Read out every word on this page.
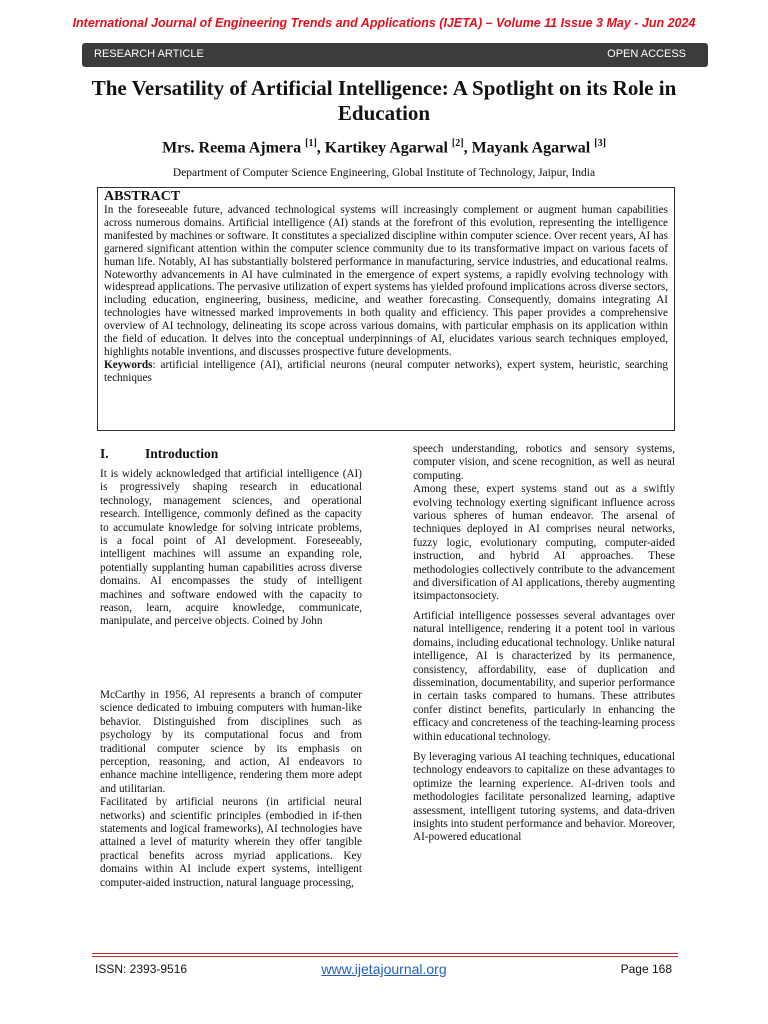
International Journal of Engineering Trends and Applications (IJETA) – Volume 11 Issue 3 May - Jun 2024
RESEARCH ARTICLE	OPEN ACCESS
The Versatility of Artificial Intelligence: A Spotlight on its Role in Education
Mrs. Reema Ajmera [1], Kartikey Agarwal [2], Mayank Agarwal [3]
Department of Computer Science Engineering, Global Institute of Technology, Jaipur, India
ABSTRACT

In the foreseeable future, advanced technological systems will increasingly complement or augment human capabilities across numerous domains. Artificial intelligence (AI) stands at the forefront of this evolution, representing the intelligence manifested by machines or software. It constitutes a specialized discipline within computer science. Over recent years, AI has garnered significant attention within the computer science community due to its transformative impact on various facets of human life. Notably, AI has substantially bolstered performance in manufacturing, service industries, and educational realms. Noteworthy advancements in AI have culminated in the emergence of expert systems, a rapidly evolving technology with widespread applications. The pervasive utilization of expert systems has yielded profound implications across diverse sectors, including education, engineering, business, medicine, and weather forecasting. Consequently, domains integrating AI technologies have witnessed marked improvements in both quality and efficiency. This paper provides a comprehensive overview of AI technology, delineating its scope across various domains, with particular emphasis on its application within the field of education. It delves into the conceptual underpinnings of AI, elucidates various search techniques employed, highlights notable inventions, and discusses prospective future developments.

Keywords: artificial intelligence (AI), artificial neurons (neural computer networks), expert system, heuristic, searching techniques

I.	Introduction

It is widely acknowledged that artificial intelligence (AI) is progressively shaping research in educational technology, management sciences, and operational research. Intelligence, commonly defined as the capacity to accumulate knowledge for solving intricate problems, is a focal point of AI development. Foreseeably, intelligent machines will assume an expanding role, potentially supplanting human capabilities across diverse domains. AI encompasses the study of intelligent machines and software endowed with the capacity to reason, learn, acquire knowledge, communicate, manipulate, and perceive objects. Coined by John

McCarthy in 1956, AI represents a branch of computer science dedicated to imbuing computers with human-like behavior. Distinguished from disciplines such as psychology by its computational focus and from traditional computer science by its emphasis on perception, reasoning, and action, AI endeavors to enhance machine intelligence, rendering them more adept and utilitarian.

Facilitated by artificial neurons (in artificial neural networks) and scientific principles (embodied in if-then statements and logical frameworks), AI technologies have attained a level of maturity wherein they offer tangible practical benefits across myriad applications. Key domains within AI include expert systems, intelligent computer-aided instruction, natural language processing,

speech understanding, robotics and sensory systems, computer vision, and scene recognition, as well as neural computing.

Among these, expert systems stand out as a swiftly evolving technology exerting significant influence across various spheres of human endeavor. The arsenal of techniques deployed in AI comprises neural networks, fuzzy logic, evolutionary computing, computer-aided instruction, and hybrid AI approaches. These methodologies collectively contribute to the advancement and diversification of AI applications, thereby augmenting itsimpactonsociety.

Artificial intelligence possesses several advantages over natural intelligence, rendering it a potent tool in various domains, including educational technology. Unlike natural intelligence, AI is characterized by its permanence, consistency, affordability, ease of duplication and dissemination, documentability, and superior performance in certain tasks compared to humans. These attributes confer distinct benefits, particularly in enhancing the efficacy and concreteness of the teaching-learning process within educational technology.

By leveraging various AI teaching techniques, educational technology endeavors to capitalize on these advantages to optimize the learning experience. AI-driven tools and methodologies facilitate personalized learning, adaptive assessment, intelligent tutoring systems, and data-driven insights into student performance and behavior. Moreover, AI-powered educational

ISSN: 2393-9516	www.ijetajournal.org	Page 168
